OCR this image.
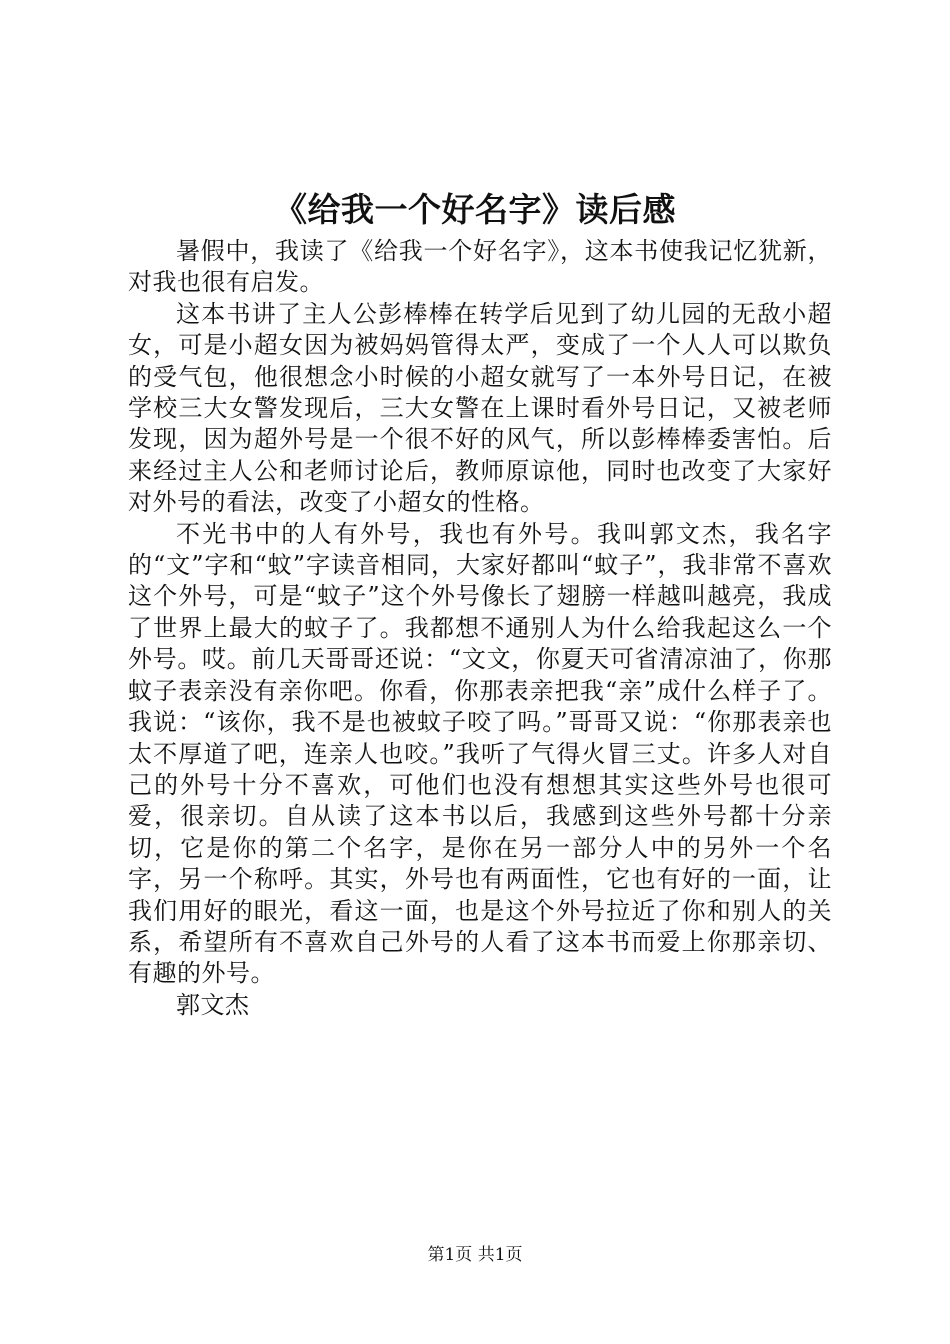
《给我一个好名字》读后感

暑假中，我读了《给我一个好名字》，这本书使我记忆犹新，对我也很有启发。

这本书讲了主人公彭棒棒在转学后见到了幼儿园的无敌小超女，可是小超女因为被妈妈管得太严，变成了一个人人可以欺负的受气包，他很想念小时候的小超女就写了一本外号日记，在被学校三大女警发现后，三大女警在上课时看外号日记，又被老师发现，因为超外号是一个很不好的风气，所以彭棒棒委害怕。后来经过主人公和老师讨论后，教师原谅他，同时也改变了大家好对外号的看法，改变了小超女的性格。

不光书中的人有外号，我也有外号。我叫郭文杰，我名字的“文”字和“蚊”字读音相同，大家好都叫“蚊子”，我非常不喜欢这个外号，可是“蚊子”这个外号像长了翅膀一样越叫越亮，我成了世界上最大的蚊子了。我都想不通别人为什么给我起这么一个外号。哎。前几天哥哥还说：“文文，你夏天可省清凉油了，你那蚊子表亲没有亲你吧。你看，你那表亲把我“亲”成什么样子了。我说：“该你，我不是也被蚊子咬了吗。”哥哥又说：“你那表亲也太不厚道了吧，连亲人也咬。”我听了气得火冒三丈。许多人对自己的外号十分不喜欢，可他们也没有想想其实这些外号也很可爱，很亲切。自从读了这本书以后，我感到这些外号都十分亲切，它是你的第二个名字，是你在另一部分人中的另外一个名字，另一个称呼。其实，外号也有两面性，它也有好的一面，让我们用好的眼光，看这一面，也是这个外号拉近了你和别人的关系，希望所有不喜欢自己外号的人看了这本书而爱上你那亲切、有趣的外号。

郭文杰

第1页 共1页
